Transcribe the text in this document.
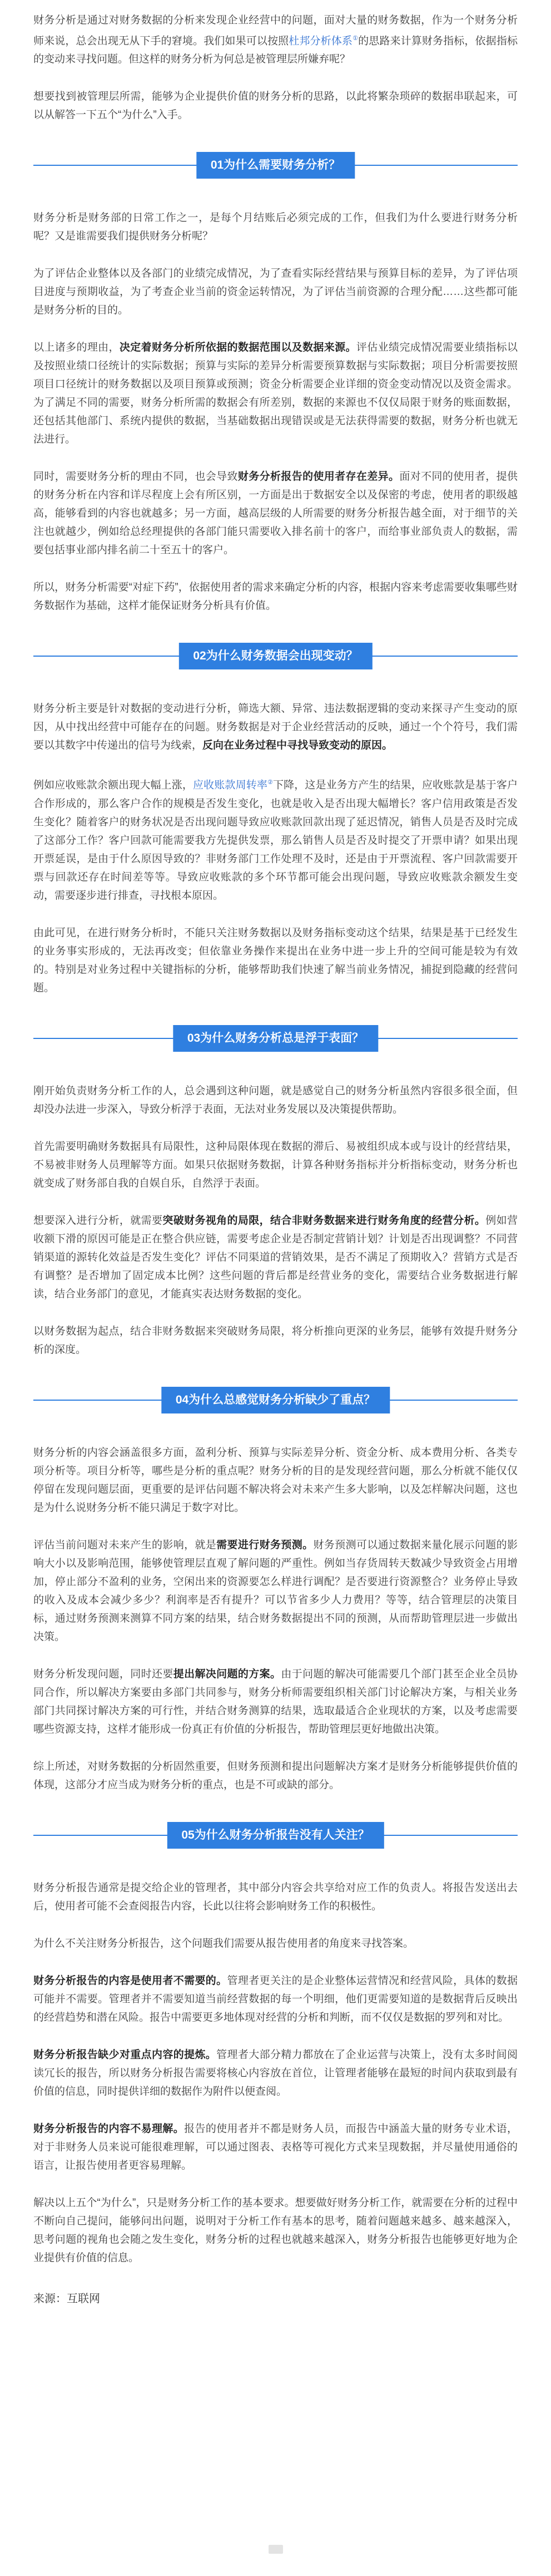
财务分析是通过对财务数据的分析来发现企业经营中的问题，面对大量的财务数据，作为一个财务分析师来说，总会出现无从下手的窘境。我们如果可以按照杜邦分析体系①的思路来计算财务指标，依据指标的变动来寻找问题。但这样的财务分析为何总是被管理层所嫌弃呢？

想要找到被管理层所需，能够为企业提供价值的财务分析的思路，以此将繁杂琐碎的数据串联起来，可以从解答一下五个“为什么”入手。

01为什么需要财务分析？

财务分析是财务部的日常工作之一，是每个月结账后必须完成的工作，但我们为什么要进行财务分析呢？又是谁需要我们提供财务分析呢？

为了评估企业整体以及各部门的业绩完成情况，为了查看实际经营结果与预算目标的差异，为了评估项目进度与预期收益，为了考查企业当前的资金运转情况，为了评估当前资源的合理分配……这些都可能是财务分析的目的。

以上诸多的理由，决定着财务分析所依据的数据范围以及数据来源。评估业绩完成情况需要业绩指标以及按照业绩口径统计的实际数据；预算与实际的差异分析需要预算数据与实际数据；项目分析需要按照项目口径统计的财务数据以及项目预算或预测；资金分析需要企业详细的资金变动情况以及资金需求。为了满足不同的需要，财务分析所需的数据会有所差别，数据的来源也不仅仅局限于财务的账面数据，还包括其他部门、系统内提供的数据，当基础数据出现错误或是无法获得需要的数据，财务分析也就无法进行。

同时，需要财务分析的理由不同，也会导致财务分析报告的使用者存在差异。面对不同的使用者，提供的财务分析在内容和详尽程度上会有所区别，一方面是出于数据安全以及保密的考虑，使用者的职级越高，能够看到的内容也就越多；另一方面，越高层级的人所需要的财务分析报告越全面，对于细节的关注也就越少，例如给总经理提供的各部门能只需要收入排名前十的客户，而给事业部负责人的数据，需要包括事业部内排名前二十至五十的客户。

所以，财务分析需要“对症下药”，依据使用者的需求来确定分析的内容，根据内容来考虑需要收集哪些财务数据作为基础，这样才能保证财务分析具有价值。

02为什么财务数据会出现变动？

财务分析主要是针对数据的变动进行分析，筛选大额、异常、违法数据逻辑的变动来探寻产生变动的原因，从中找出经营中可能存在的问题。财务数据是对于企业经营活动的反映，通过一个个符号，我们需要以其数字中传递出的信号为线索，反向在业务过程中寻找导致变动的原因。

例如应收账款余额出现大幅上涨，应收账款周转率②下降，这是业务方产生的结果，应收账款是基于客户合作形成的，那么客户合作的规模是否发生变化，也就是收入是否出现大幅增长？客户信用政策是否发生变化？随着客户的财务状况是否出现问题导致应收账款回款出现了延迟情况，销售人员是否及时完成了这部分工作？客户回款可能需要我方先提供发票，那么销售人员是否及时提交了开票申请？如果出现开票延误，是由于什么原因导致的？非财务部门工作处理不及时，还是由于开票流程、客户回款需要开票与回款还存在时间差等等。导致应收账款的多个环节都可能会出现问题，导致应收账款余额发生变动，需要逐步进行排查，寻找根本原因。

由此可见，在进行财务分析时，不能只关注财务数据以及财务指标变动这个结果，结果是基于已经发生的业务事实形成的，无法再改变；但依靠业务操作来提出在业务中进一步上升的空间可能是较为有效的。特别是对业务过程中关键指标的分析，能够帮助我们快速了解当前业务情况，捕捉到隐藏的经营问题。

03为什么财务分析总是浮于表面？

刚开始负责财务分析工作的人，总会遇到这种问题，就是感觉自己的财务分析虽然内容很多很全面，但却没办法进一步深入，导致分析浮于表面，无法对业务发展以及决策提供帮助。

首先需要明确财务数据具有局限性，这种局限体现在数据的滞后、易被组织成本或与设计的经营结果，不易被非财务人员理解等方面。如果只依据财务数据，计算各种财务指标并分析指标变动，财务分析也就变成了财务部自我的自娱自乐，自然浮于表面。

想要深入进行分析，就需要突破财务视角的局限，结合非财务数据来进行财务角度的经营分析。例如营收额下滑的原因可能是正在整合供应链，需要考虑企业是否制定营销计划？计划是否出现调整？不同营销渠道的源转化效益是否发生变化？评估不同渠道的营销效果，是否不满足了预期收入？营销方式是否有调整？是否增加了固定成本比例？这些问题的背后都是经营业务的变化，需要结合业务数据进行解读，结合业务部门的意见，才能真实表达财务数据的变化。

以财务数据为起点，结合非财务数据来突破财务局限，将分析推向更深的业务层，能够有效提升财务分析的深度。

04为什么总感觉财务分析缺少了重点？

财务分析的内容会涵盖很多方面，盈利分析、预算与实际差异分析、资金分析、成本费用分析、各类专项分析等。项目分析等，哪些是分析的重点呢？财务分析的目的是发现经营问题，那么分析就不能仅仅停留在发现问题层面，更重要的是评估问题不解决将会对未来产生多大影响，以及怎样解决问题，这也是为什么说财务分析不能只满足于数字对比。

评估当前问题对未来产生的影响，就是需要进行财务预测。财务预测可以通过数据来量化展示问题的影响大小以及影响范围，能够使管理层直观了解问题的严重性。例如当存货周转天数减少导致资金占用增加，停止部分不盈利的业务，空闲出来的资源要怎么样进行调配？是否要进行资源整合？业务停止导致的收入及成本会减少多少？利润率是否有提升？可以节省多少人力费用？等等，结合管理层的决策目标，通过财务预测来测算不同方案的结果，结合财务数据提出不同的预测，从而帮助管理层进一步做出决策。

财务分析发现问题，同时还要提出解决问题的方案。由于问题的解决可能需要几个部门甚至企业全员协同合作，所以解决方案要由多部门共同参与，财务分析师需要组织相关部门讨论解决方案，与相关业务部门共同探讨解决方案的可行性，并结合财务测算的结果，选取最适合企业现状的方案，以及考虑需要哪些资源支持，这样才能形成一份真正有价值的分析报告，帮助管理层更好地做出决策。

综上所述，对财务数据的分析固然重要，但财务预测和提出问题解决方案才是财务分析能够提供价值的体现，这部分才应当成为财务分析的重点，也是不可或缺的部分。

05为什么财务分析报告没有人关注？

财务分析报告通常是提交给企业的管理者，其中部分内容会共享给对应工作的负责人。将报告发送出去后，使用者可能不会查阅报告内容，长此以往将会影响财务工作的积极性。

为什么不关注财务分析报告，这个问题我们需要从报告使用者的角度来寻找答案。

财务分析报告的内容是使用者不需要的。管理者更关注的是企业整体运营情况和经营风险，具体的数据可能并不需要。管理者并不需要知道当前经营数据的每一个明细，他们更需要知道的是数据背后反映出的经营趋势和潜在风险。报告中需要更多地体现对经营的分析和判断，而不仅仅是数据的罗列和对比。

财务分析报告缺少对重点内容的提炼。管理者大部分精力都放在了企业运营与决策上，没有太多时间阅读冗长的报告，所以财务分析报告需要将核心内容放在首位，让管理者能够在最短的时间内获取到最有价值的信息，同时提供详细的数据作为附件以便查阅。

财务分析报告的内容不易理解。报告的使用者并不都是财务人员，而报告中涵盖大量的财务专业术语，对于非财务人员来说可能很难理解，可以通过图表、表格等可视化方式来呈现数据，并尽量使用通俗的语言，让报告使用者更容易理解。

解决以上五个“为什么”，只是财务分析工作的基本要求。想要做好财务分析工作，就需要在分析的过程中不断向自己提问，能够问出问题，说明对于分析工作有基本的思考，随着问题越来越多、越来越深入，思考问题的视角也会随之发生变化，财务分析的过程也就越来越深入，财务分析报告也能够更好地为企业提供有价值的信息。

来源： 互联网
